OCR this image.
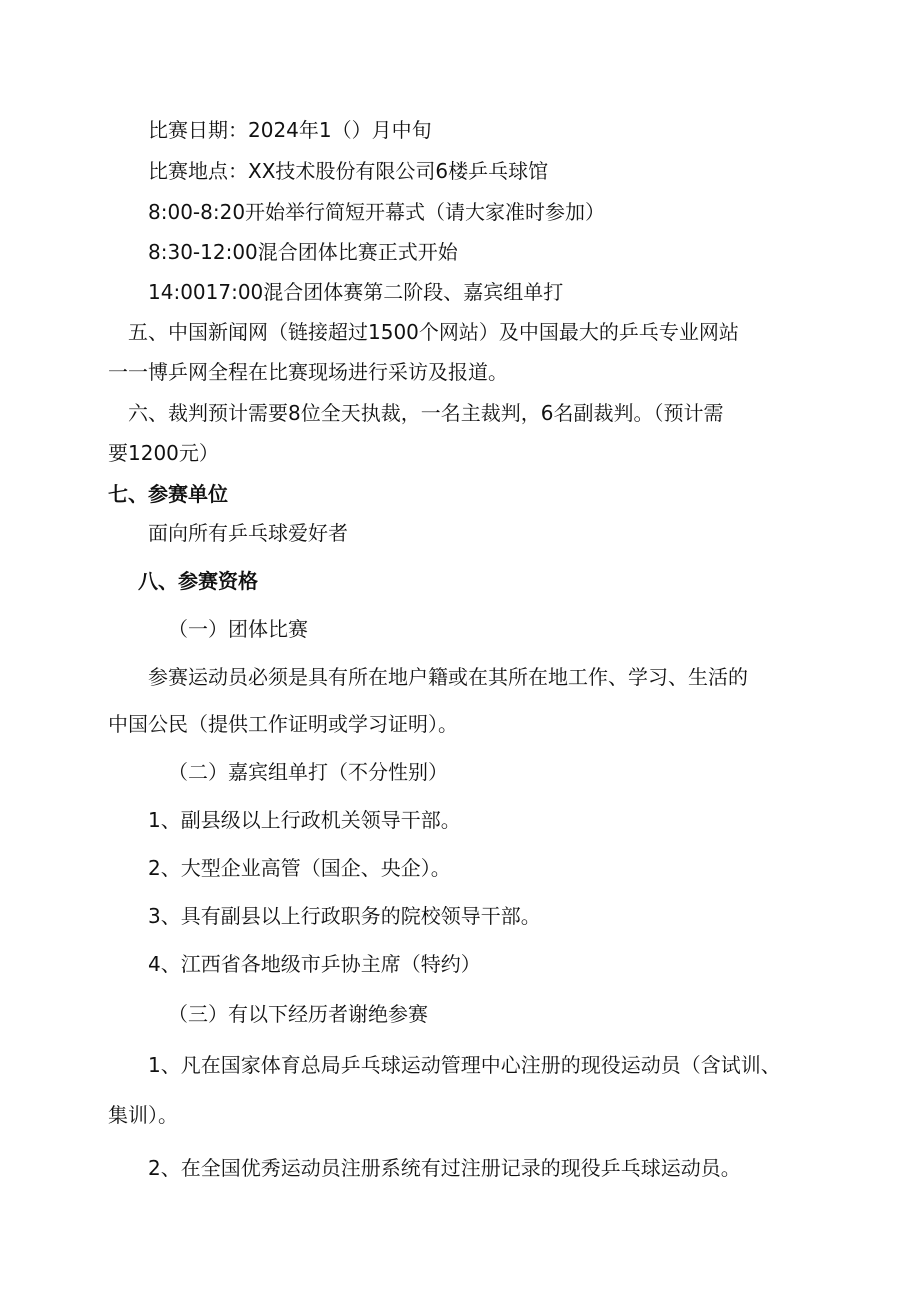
比赛日期：2024年1（）月中旬
比赛地点：XX技术股份有限公司6楼乒乓球馆
8:00-8:20开始举行简短开幕式（请大家准时参加）
8:30-12:00混合团体比赛正式开始
14:0017:00混合团体赛第二阶段、嘉宾组单打
五、中国新闻网（链接超过1500个网站）及中国最大的乒乓专业网站
一一博乒网全程在比赛现场进行采访及报道。
六、裁判预计需要8位全天执裁，一名主裁判，6名副裁判。（预计需
要1200元）
七、参赛单位
面向所有乒乓球爱好者
八、参赛资格
（一）团体比赛
参赛运动员必须是具有所在地户籍或在其所在地工作、学习、生活的
中国公民（提供工作证明或学习证明）。
（二）嘉宾组单打（不分性别）
1、副县级以上行政机关领导干部。
2、大型企业高管（国企、央企）。
3、具有副县以上行政职务的院校领导干部。
4、江西省各地级市乒协主席（特约）
（三）有以下经历者谢绝参赛
1、凡在国家体育总局乒乓球运动管理中心注册的现役运动员（含试训、
集训）。
2、在全国优秀运动员注册系统有过注册记录的现役乒乓球运动员。
